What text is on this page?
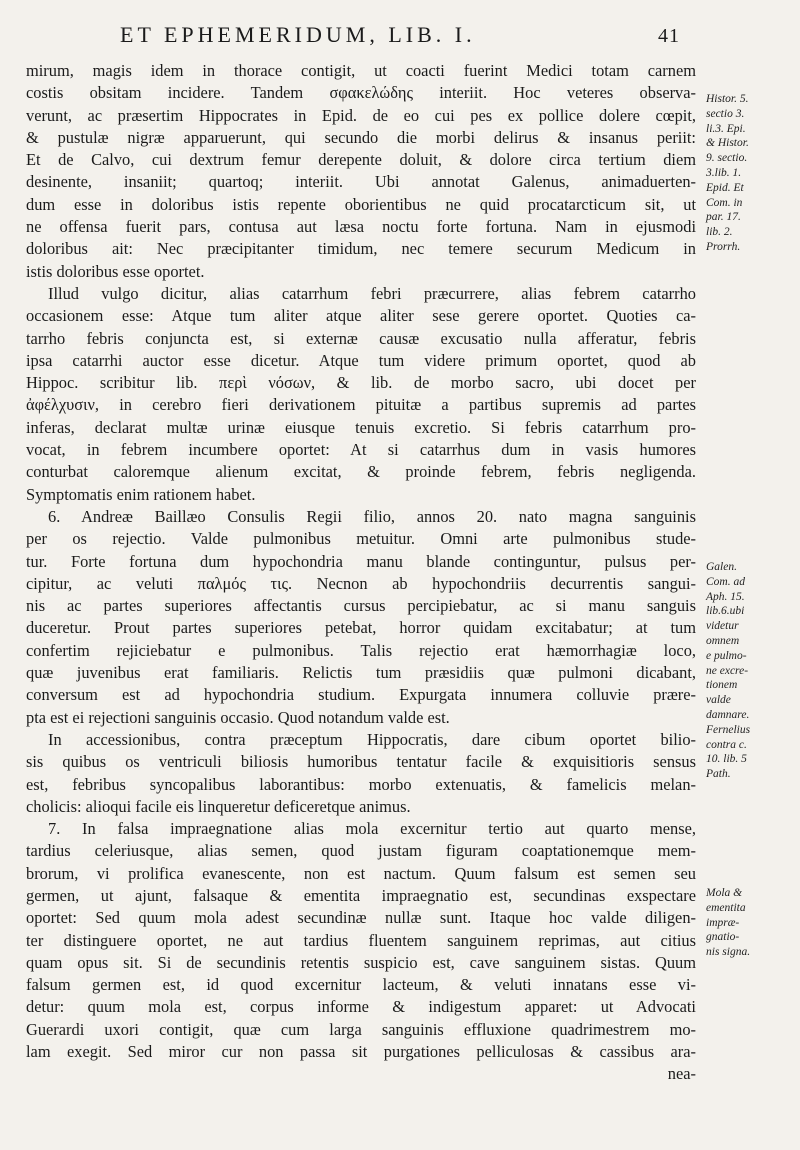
ET EPHEMERIDUM, LIB. I.	41
mirum, magis idem in thorace contigit, ut coacti fuerint Medici totam carnem
costis obsitam incidere. Tandem σφακελώδης interiit. Hoc veteres observa-
verunt, ac præsertim Hippocrates in Epid. de eo cui pes ex pollice dolere cœpit,
& pustulæ nigræ apparuerunt, qui secundo die morbi delirus & insanus periit:
Et de Calvo, cui dextrum femur derepente doluit, & dolore circa tertium diem
desinente, insaniit; quartoq; interiit. Ubi annotat Galenus, animaduerten-
dum esse in doloribus istis repente oborientibus ne quid procatarcticum sit, ut
ne offensa fuerit pars, contusa aut læsa noctu forte fortuna. Nam in ejusmodi
doloribus ait: Nec præcipitanter timidum, nec temere securum Medicum in
istis doloribus esse oportet.
Illud vulgo dicitur, alias catarrhum febri præcurrere, alias febrem catarrho
occasionem esse: Atque tum aliter atque aliter sese gerere oportet. Quoties ca-
tarrho febris conjuncta est, si externæ causæ excusatio nulla afferatur, febris
ipsa catarrhi auctor esse dicetur. Atque tum videre primum oportet, quod ab
Hippoc. scribitur lib. περὶ νόσων, & lib. de morbo sacro, ubi docet per
ἀφέλχυσιν, in cerebro fieri derivationem pituitæ a partibus supremis ad partes
inferas, declarat multæ urinæ eiusque tenuis excretio. Si febris catarrhum pro-
vocat, in febrem incumbere oportet: At si catarrhus dum in vasis humores
conturbat caloremque alienum excitat, & proinde febrem, febris negligenda.
Symptomatis enim rationem habet.
6. Andreæ Baillæo Consulis Regii filio, annos 20. nato magna sanguinis
per os rejectio. Valde pulmonibus metuitur. Omni arte pulmonibus stude-
tur. Forte fortuna dum hypochondria manu blande continguntur, pulsus per-
cipitur, ac veluti παλμός τις. Necnon ab hypochondriis decurrentis sangui-
nis ac partes superiores affectantis cursus percipiebatur, ac si manu sanguis
duceretur. Prout partes superiores petebat, horror quidam excitabatur; at tum
confertim rejiciebatur e pulmonibus. Talis rejectio erat hæmorrhagiæ loco,
quæ juvenibus erat familiaris. Relictis tum præsidiis quæ pulmoni dicabant,
conversum est ad hypochondria studium. Expurgata innumera colluvie prære-
pta est ei rejectioni sanguinis occasio. Quod notandum valde est.
In accessionibus, contra præceptum Hippocratis, dare cibum oportet bilio-
sis quibus os ventriculi biliosis humoribus tentatur facile & exquisitioris sensus
est, febribus syncopalibus laborantibus: morbo extenuatis, & famelicis melan-
cholicis: alioqui facile eis linqueretur deficeretque animus.
7. In falsa impraegnatione alias mola excernitur tertio aut quarto mense,
tardius celeriusque, alias semen, quod justam figuram coaptationemque mem-
brorum, vi prolifica evanescente, non est nactum. Quum falsum est semen seu
germen, ut ajunt, falsaque & ementita impraegnatio est, secundinas exspectare
oportet: Sed quum mola adest secundinæ nullæ sunt. Itaque hoc valde diligen-
ter distinguere oportet, ne aut tardius fluentem sanguinem reprimas, aut citius
quam opus sit. Si de secundinis retentis suspicio est, cave sanguinem sistas. Quum
falsum germen est, id quod excernitur lacteum, & veluti innatans esse vi-
detur: quum mola est, corpus informe & indigestum apparet: ut Advocati
Guerardi uxori contigit, quæ cum larga sanguinis effluxione quadrimestrem mo-
lam exegit. Sed miror cur non passa sit purgationes pelliculosas & cassibus ara-
nea-
Histor. 5.
sectio 3.
li.3. Epi.
& Histor.
9. sectio.
3.lib. 1.
Epid. Et
Com. in
par. 17.
lib. 2.
Prorrh.
Galen.
Com. ad
Aph. 15.
lib.6.ubi
videtur
omnem
e pulmo-
ne excre-
tionem
valde
damnare.
Fernelius
contra c.
10. lib. 5
Path.
Mola &
ementita
impræ-
gnatio-
nis signa.
